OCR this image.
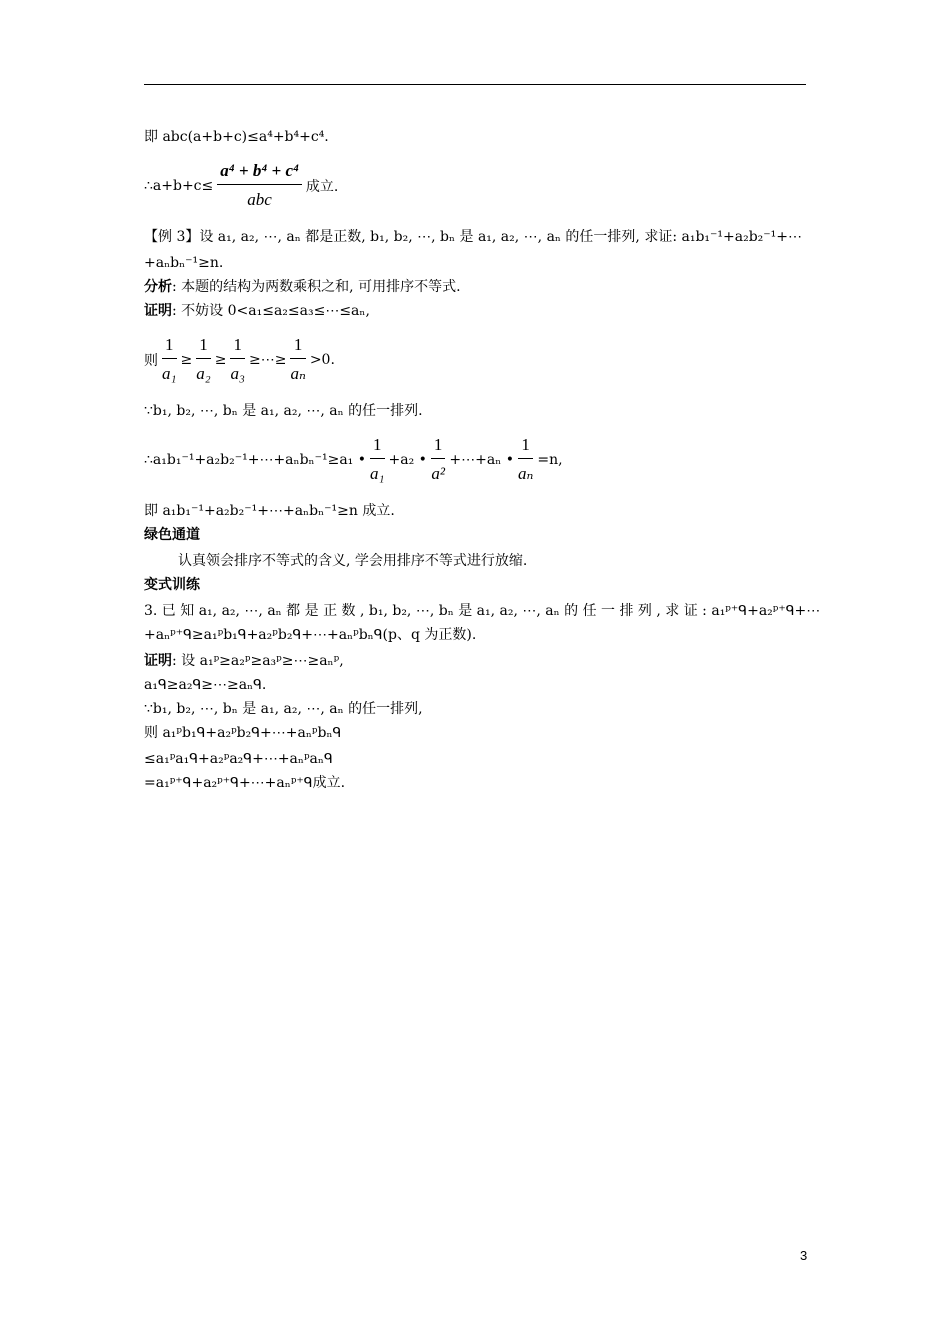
即 abc(a+b+c)≤a⁴+b⁴+c⁴.
∴a+b+c≤ $\frac{\text{a⁴ + b⁴ + c⁴}}{\text{abc}}$ 成立.
【例 3】设 a₁, a₂, ⋯, aₙ 都是正数, b₁, b₂, ⋯, bₙ 是 a₁, a₂, ⋯, aₙ 的任一排列, 求证: a₁b₁⁻¹+a₂b₂⁻¹+⋯
+aₙbₙ⁻¹≥n.
分析: 本题的结构为两数乘积之和, 可用排序不等式.
证明: 不妨设 0<a₁≤a₂≤a₃≤⋯≤aₙ,
则 $\frac{1}{\text{a₁}} \ge \frac{1}{\text{a₂}} \ge \frac{1}{\text{a₃}}$ ≥⋯≥ $\frac{1}{\text{aₙ}} >0$.
∵b₁, b₂, ⋯, bₙ 是 a₁, a₂, ⋯, aₙ 的任一排列.
∴a₁b₁⁻¹+a₂b₂⁻¹+⋯+aₙbₙ⁻¹≥a₁ • $\frac{1}{\text{a₁}} +a_2$ • $\frac{1}{\text{a²}}$ +⋯+aₙ • $\frac{1}{\text{aₙ}} =n$,
即 a₁b₁⁻¹+a₂b₂⁻¹+⋯+aₙbₙ⁻¹≥n 成立.
绿色通道
认真领会排序不等式的含义, 学会用排序不等式进行放缩.
变式训练
3. 已 知 a₁, a₂, ⋯, aₙ 都 是 正 数 , b₁, b₂, ⋯, bₙ 是 a₁, a₂, ⋯, aₙ 的 任 一 排 列 , 求 证 : a₁ᵖ⁺ᑫ+a₂ᵖ⁺ᑫ+⋯
+aₙᵖ⁺ᑫ≥a₁ᵖb₁ᑫ+a₂ᵖb₂ᑫ+⋯+aₙᵖbₙᑫ(p、q 为正数).
证明: 设 a₁ᵖ≥a₂ᵖ≥a₃ᵖ≥⋯≥aₙᵖ,
a₁ᑫ≥a₂ᑫ≥⋯≥aₙᑫ.
∵b₁, b₂, ⋯, bₙ 是 a₁, a₂, ⋯, aₙ 的任一排列,
则 a₁ᵖb₁ᑫ+a₂ᵖb₂ᑫ+⋯+aₙᵖbₙᑫ
≤a₁ᵖa₁ᑫ+a₂ᵖa₂ᑫ+⋯+aₙᵖaₙᑫ
=a₁ᵖ⁺ᑫ+a₂ᵖ⁺ᑫ+⋯+aₙᵖ⁺ᑫ成立.
3
